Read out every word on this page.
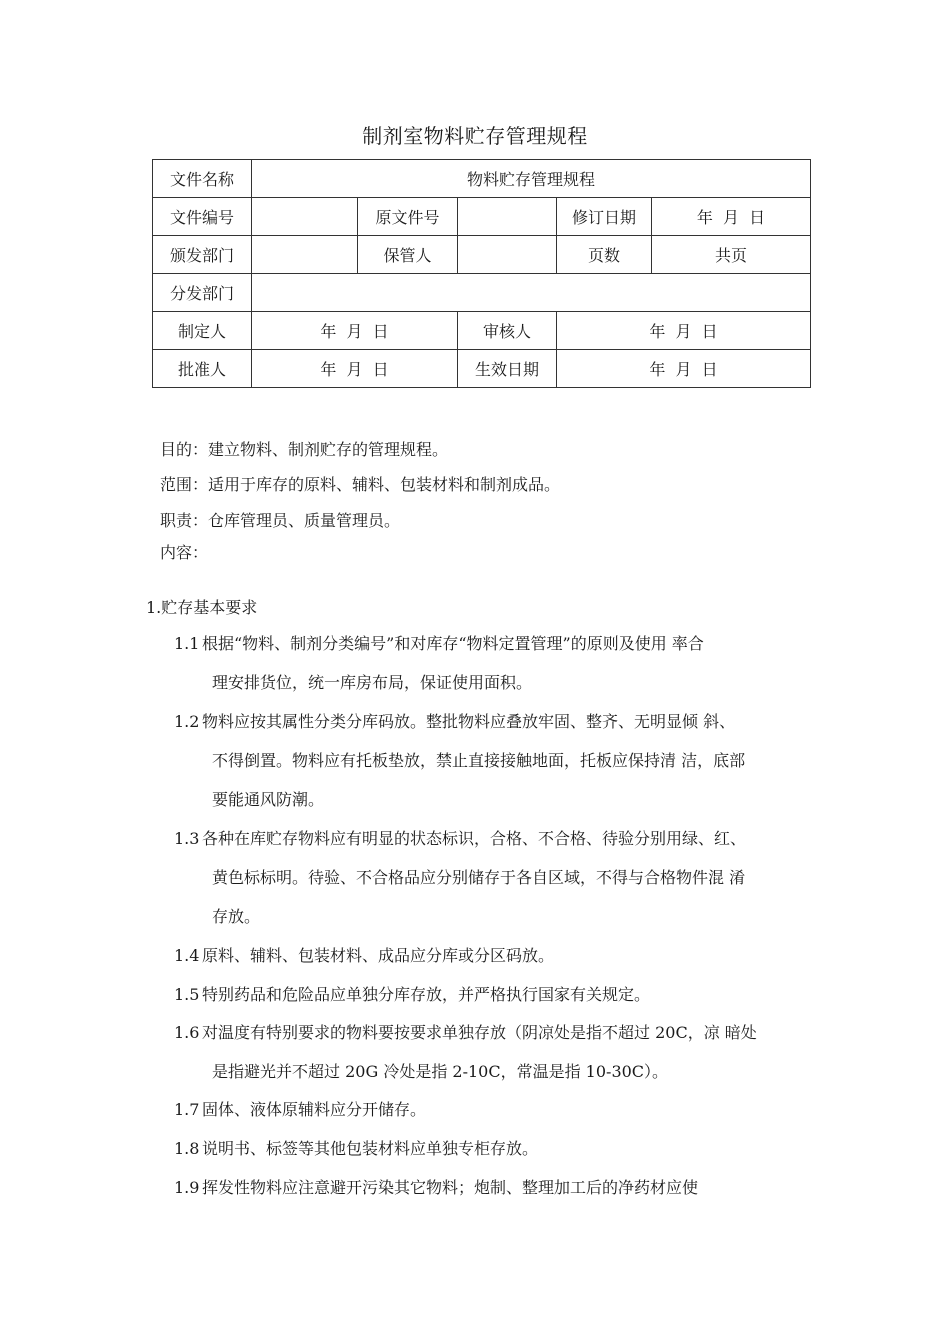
制剂室物料贮存管理规程
文件名称	物料贮存管理规程				
文件编号		原文件号		修订日期	年  月  日
颁发部门		保管人		页数	共页
分发部门					
制定人	年  月  日		审核人	年  月  日	
批准人	年  月  日		生效日期	年  月  日	
目的：建立物料、制剂贮存的管理规程。
范围：适用于库存的原料、辅料、包装材料和制剂成品。
职责：仓库管理员、质量管理员。
内容：
1.贮存基本要求
1.1 根据“物料、制剂分类编号”和对库存“物料定置管理”的原则及使用 率合
理安排货位，统一库房布局，保证使用面积。
1.2 物料应按其属性分类分库码放。整批物料应叠放牢固、整齐、无明显倾 斜、
不得倒置。物料应有托板垫放，禁止直接接触地面，托板应保持清 洁，底部
要能通风防潮。
1.3 各种在库贮存物料应有明显的状态标识，合格、不合格、待验分别用绿、红、
黄色标标明。待验、不合格品应分别储存于各自区域，不得与合格物件混 淆
存放。
1.4 原料、辅料、包装材料、成品应分库或分区码放。
1.5 特别药品和危险品应单独分库存放，并严格执行国家有关规定。
1.6 对温度有特别要求的物料要按要求单独存放（阴凉处是指不超过 20C，凉 暗处
是指避光并不超过 20G 冷处是指 2-10C，常温是指 10-30C）。
1.7 固体、液体原辅料应分开储存。
1.8 说明书、标签等其他包装材料应单独专柜存放。
1.9 挥发性物料应注意避开污染其它物料；炮制、整理加工后的净药材应使
